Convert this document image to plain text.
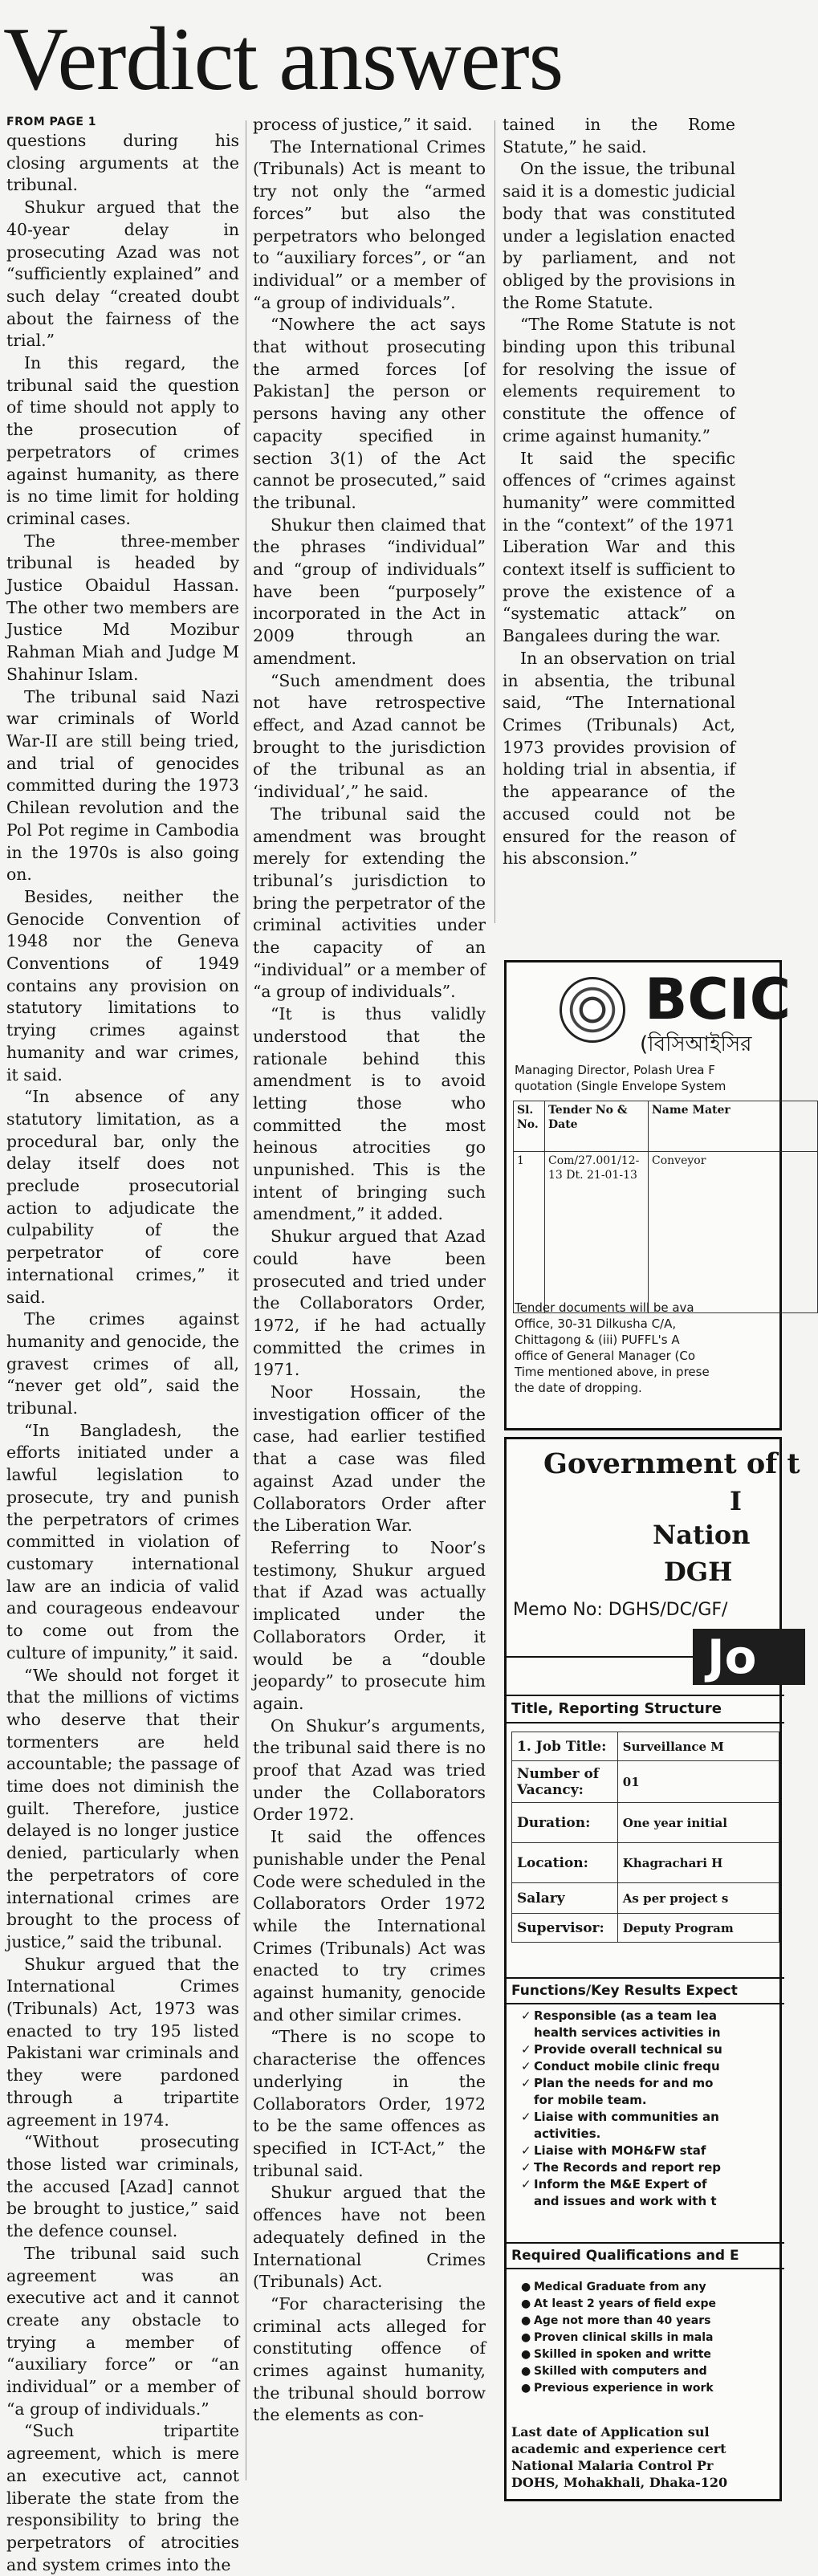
Verdict answers
FROM PAGE 1

questions during his closing arguments at the tribunal.

Shukur argued that the 40-year delay in prosecuting Azad was not “sufficiently explained” and such delay “created doubt about the fairness of the trial.”

In this regard, the tribunal said the question of time should not apply to the prosecution of perpetrators of crimes against humanity, as there is no time limit for holding criminal cases.

The three-member tribunal is headed by Justice Obaidul Hassan. The other two members are Justice Md Mozibur Rahman Miah and Judge M Shahinur Islam.

The tribunal said Nazi war criminals of World War-II are still being tried, and trial of genocides committed during the 1973 Chilean revolution and the Pol Pot regime in Cambodia in the 1970s is also going on.

Besides, neither the Genocide Convention of 1948 nor the Geneva Conventions of 1949 contains any provision on statutory limitations to trying crimes against humanity and war crimes, it said.

“In absence of any statutory limitation, as a procedural bar, only the delay itself does not preclude prosecutorial action to adjudicate the culpability of the perpetrator of core international crimes,” it said.

The crimes against humanity and genocide, the gravest crimes of all, “never get old”, said the tribunal.

“In Bangladesh, the efforts initiated under a lawful legislation to prosecute, try and punish the perpetrators of crimes committed in violation of customary international law are an indicia of valid and courageous endeavour to come out from the culture of impunity,” it said.

“We should not forget it that the millions of victims who deserve that their tormenters are held accountable; the passage of time does not diminish the guilt. Therefore, justice delayed is no longer justice denied, particularly when the perpetrators of core international crimes are brought to the process of justice,” said the tribunal.

Shukur argued that the International Crimes (Tribunals) Act, 1973 was enacted to try 195 listed Pakistani war criminals and they were pardoned through a tripartite agreement in 1974.

“Without prosecuting those listed war criminals, the accused [Azad] cannot be brought to justice,” said the defence counsel.

The tribunal said such agreement was an executive act and it cannot create any obstacle to trying a member of “auxiliary force” or “an individual” or a member of “a group of individuals.”

“Such tripartite agreement, which is mere an executive act, cannot liberate the state from the responsibility to bring the perpetrators of atrocities and system crimes into the

process of justice,” it said.

The International Crimes (Tribunals) Act is meant to try not only the “armed forces” but also the perpetrators who belonged to “auxiliary forces”, or “an individual” or a member of “a group of individuals”.

“Nowhere the act says that without prosecuting the armed forces [of Pakistan] the person or persons having any other capacity specified in section 3(1) of the Act cannot be prosecuted,” said the tribunal.

Shukur then claimed that the phrases “individual” and “group of individuals” have been “purposely” incorporated in the Act in 2009 through an amendment.

“Such amendment does not have retrospective effect, and Azad cannot be brought to the jurisdiction of the tribunal as an ‘individual’,” he said.

The tribunal said the amendment was brought merely for extending the tribunal’s jurisdiction to bring the perpetrator of the criminal activities under the capacity of an “individual” or a member of “a group of individuals”.

“It is thus validly understood that the rationale behind this amendment is to avoid letting those who committed the most heinous atrocities go unpunished. This is the intent of bringing such amendment,” it added.

Shukur argued that Azad could have been prosecuted and tried under the Collaborators Order, 1972, if he had actually committed the crimes in 1971.

Noor Hossain, the investigation officer of the case, had earlier testified that a case was filed against Azad under the Collaborators Order after the Liberation War.

Referring to Noor’s testimony, Shukur argued that if Azad was actually implicated under the Collaborators Order, it would be a “double jeopardy” to prosecute him again.

On Shukur’s arguments, the tribunal said there is no proof that Azad was tried under the Collaborators Order 1972.

It said the offences punishable under the Penal Code were scheduled in the Collaborators Order 1972 while the International Crimes (Tribunals) Act was enacted to try crimes against humanity, genocide and other similar crimes.

“There is no scope to characterise the offences underlying in the Collaborators Order, 1972 to be the same offences as specified in ICT-Act,” the tribunal said.

Shukur argued that the offences have not been adequately defined in the International Crimes (Tribunals) Act.

“For characterising the criminal acts alleged for constituting offence of crimes against humanity, the tribunal should borrow the elements as con-

tained in the Rome Statute,” he said.

On the issue, the tribunal said it is a domestic judicial body that was constituted under a legislation enacted by parliament, and not obliged by the provisions in the Rome Statute.

“The Rome Statute is not binding upon this tribunal for resolving the issue of elements requirement to constitute the offence of crime against humanity.”

It said the specific offences of “crimes against humanity” were committed in the “context” of the 1971 Liberation War and this context itself is sufficient to prove the existence of a “systematic attack” on Bangalees during the war.

In an observation on trial in absentia, the tribunal said, “The International Crimes (Tribunals) Act, 1973 provides provision of holding trial in absentia, if the appearance of the accused could not be ensured for the reason of his absconsion.”

BCIC
(বিসিআইসির
Managing Director, Polash Urea F
quotation (Single Envelope System
Sl. No.	Tender No & Date	Name Mater
1	Com/27.001/12-13 Dt. 21-01-13	Conveyor
Tender documents will be ava
Office, 30-31 Dilkusha C/A,
Chittagong & (iii) PUFFL's A
office of General Manager (Co
Time mentioned above, in prese
the date of dropping.
Government of t
I
Nation
DGH
Memo No: DGHS/DC/GF/
Jo
Title, Reporting Structure
1. Job Title:	Surveillance M
Number of Vacancy:	01
Duration:	One year initial
Location:	Khagrachari H
Salary	As per project s
Supervisor:	Deputy Program
Functions/Key Results Expect
✓ Responsible (as a team lea
health services activities in
✓ Provide overall technical su
✓ Conduct mobile clinic frequ
✓ Plan the needs for and mo
for mobile team.
✓ Liaise with communities an
activities.
✓ Liaise with MOH&FW staf
✓ The Records and report rep
✓ Inform the M&E Expert of
and issues and work with t
Required Qualifications and E
● Medical Graduate from any
● At least 2 years of field expe
● Age not more than 40 years
● Proven clinical skills in mala
● Skilled in spoken and writte
● Skilled with computers and
● Previous experience in work
Last date of Application sul
academic and experience cert
National Malaria Control Pr
DOHS, Mohakhali, Dhaka-120
